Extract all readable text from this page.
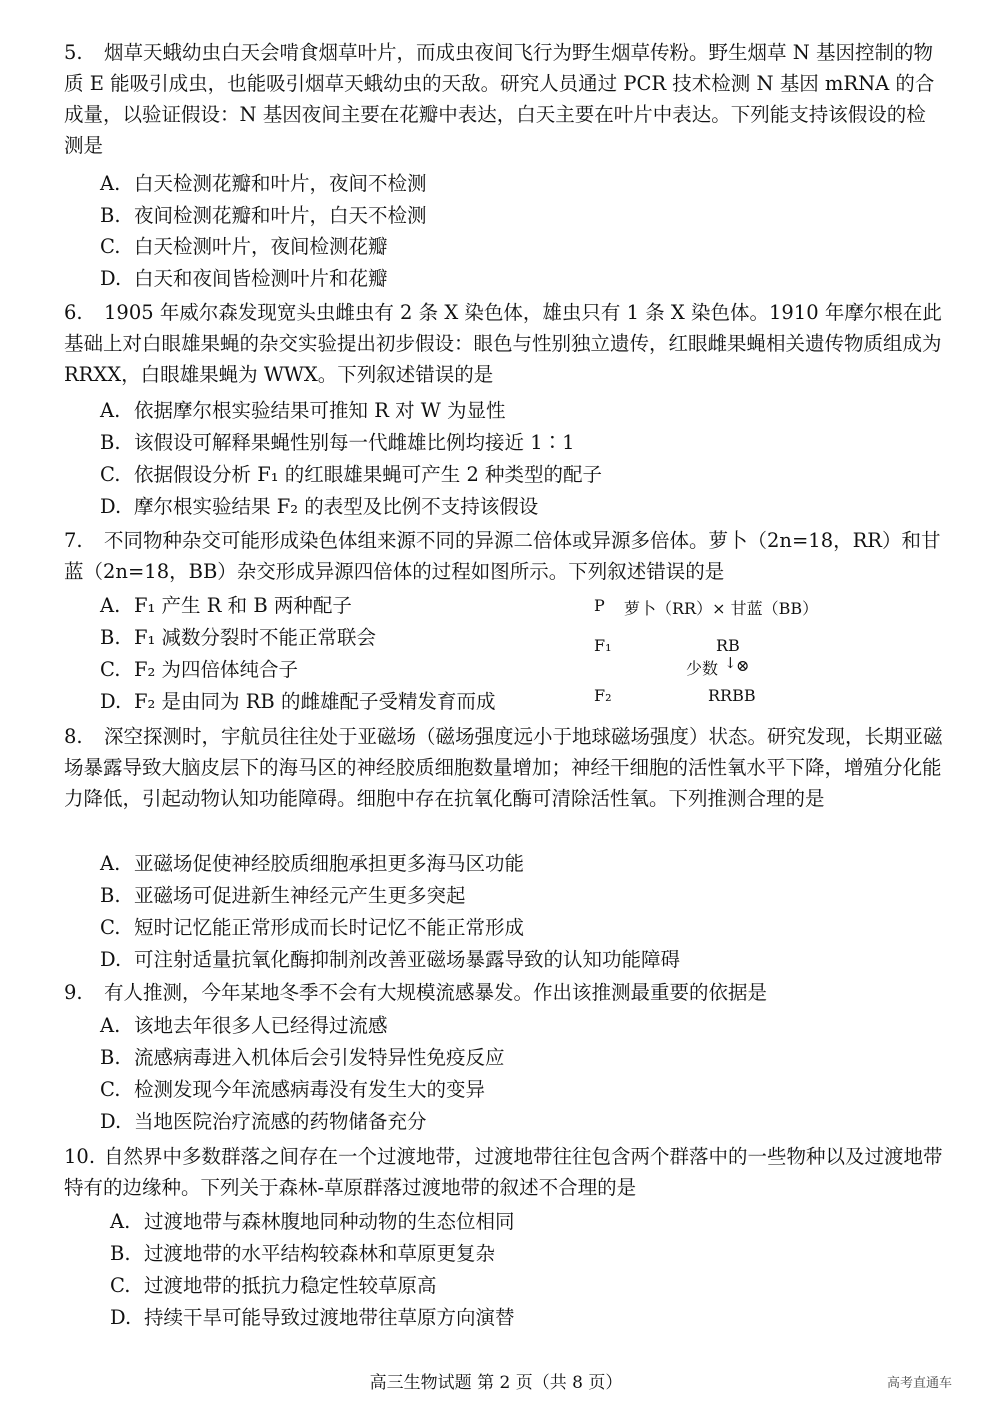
5. 烟草天蛾幼虫白天会啃食烟草叶片，而成虫夜间飞行为野生烟草传粉。野生烟草 N 基因控制的物质 E 能吸引成虫，也能吸引烟草天蛾幼虫的天敌。研究人员通过 PCR 技术检测 N 基因 mRNA 的合成量，以验证假设：N 基因夜间主要在花瓣中表达，白天主要在叶片中表达。下列能支持该假设的检测是
A. 白天检测花瓣和叶片，夜间不检测
B. 夜间检测花瓣和叶片，白天不检测
C. 白天检测叶片，夜间检测花瓣
D. 白天和夜间皆检测叶片和花瓣
6. 1905 年威尔森发现宽头虫雌虫有 2 条 X 染色体，雄虫只有 1 条 X 染色体。1910 年摩尔根在此基础上对白眼雄果蝇的杂交实验提出初步假设：眼色与性别独立遗传，红眼雌果蝇相关遗传物质组成为 RRXX，白眼雄果蝇为 WWX。下列叙述错误的是
A. 依据摩尔根实验结果可推知 R 对 W 为显性
B. 该假设可解释果蝇性别每一代雌雄比例均接近 1∶1
C. 依据假设分析 F₁ 的红眼雄果蝇可产生 2 种类型的配子
D. 摩尔根实验结果 F₂ 的表型及比例不支持该假设
7. 不同物种杂交可能形成染色体组来源不同的异源二倍体或异源多倍体。萝卜（2n=18，RR）和甘蓝（2n=18，BB）杂交形成异源四倍体的过程如图所示。下列叙述错误的是
A. F₁ 产生 R 和 B 两种配子
B. F₁ 减数分裂时不能正常联会
C. F₂ 为四倍体纯合子
D. F₂ 是由同为 RB 的雌雄配子受精发育而成
P 萝卜（RR）× 甘蓝（BB）
F₁	RB
少数 ↓ ⊗
F₂	RRBB
8. 深空探测时，宇航员往往处于亚磁场（磁场强度远小于地球磁场强度）状态。研究发现，长期亚磁场暴露导致大脑皮层下的海马区的神经胶质细胞数量增加；神经干细胞的活性氧水平下降，增殖分化能力降低，引起动物认知功能障碍。细胞中存在抗氧化酶可清除活性氧。下列推测合理的是
A. 亚磁场促使神经胶质细胞承担更多海马区功能
B. 亚磁场可促进新生神经元产生更多突起
C. 短时记忆能正常形成而长时记忆不能正常形成
D. 可注射适量抗氧化酶抑制剂改善亚磁场暴露导致的认知功能障碍
9. 有人推测，今年某地冬季不会有大规模流感暴发。作出该推测最重要的依据是
A. 该地去年很多人已经得过流感
B. 流感病毒进入机体后会引发特异性免疫反应
C. 检测发现今年流感病毒没有发生大的变异
D. 当地医院治疗流感的药物储备充分
10. 自然界中多数群落之间存在一个过渡地带，过渡地带往往包含两个群落中的一些物种以及过渡地带特有的边缘种。下列关于森林-草原群落过渡地带的叙述不合理的是
A. 过渡地带与森林腹地同种动物的生态位相同
B. 过渡地带的水平结构较森林和草原更复杂
C. 过渡地带的抵抗力稳定性较草原高
D. 持续干旱可能导致过渡地带往草原方向演替
高三生物试题 第 2 页（共 8 页）	高考直通车
